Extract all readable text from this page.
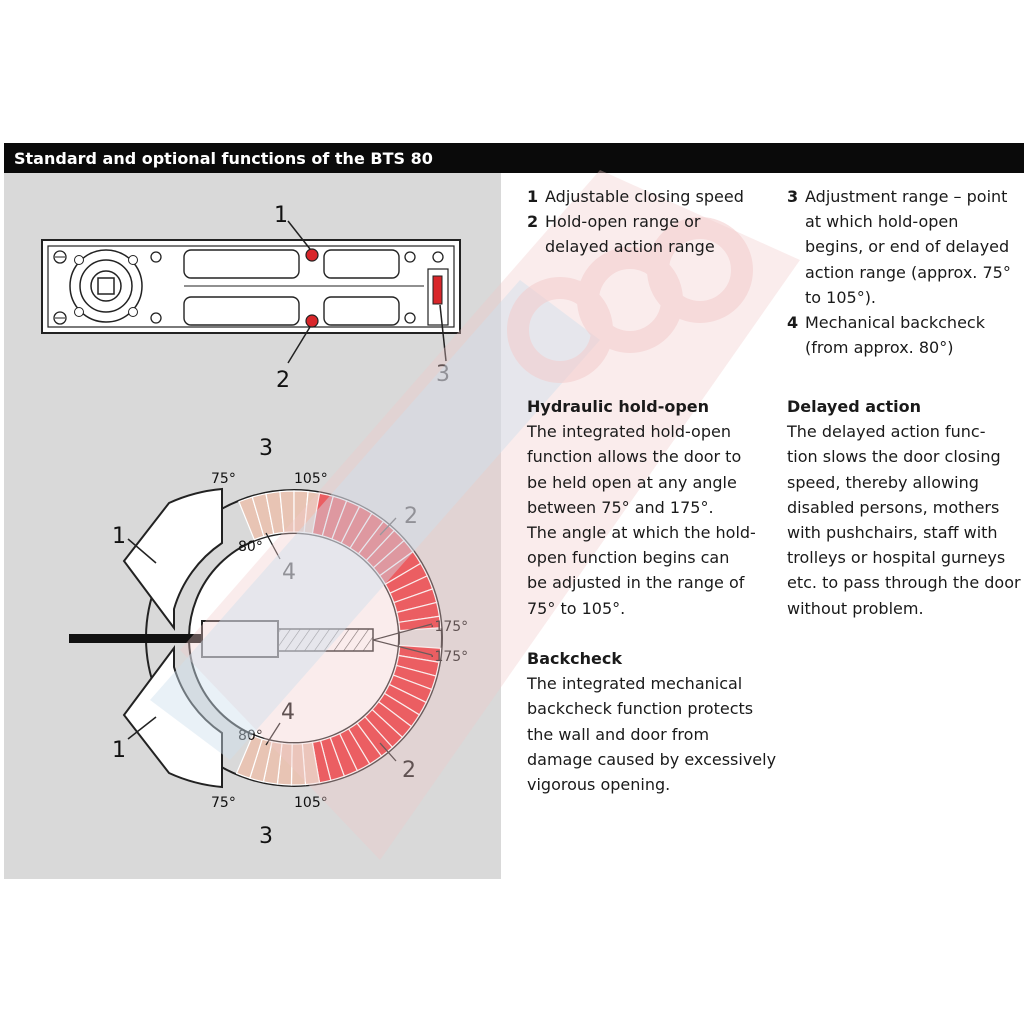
Standard and optional functions of the BTS 80
1
2	3
3
75°	105°
2
1	80°
4
·175°
·175°
4
80°
1
2
75°	105°
3
1 Adjustable closing speed
2 Hold-open range or
delayed action range
3 Adjustment range – point
at which hold-open
begins, or end of delayed
action range (approx. 75°
to 105°).
4 Mechanical backcheck
(from approx. 80°)
Hydraulic hold-open

The integrated hold-open

function allows the door to

be held open at any angle

between 75° and 175°.

The angle at which the hold-

open function begins can

be adjusted in the range of

75° to 105°.

Delayed action

The delayed action func-

tion slows the door closing

speed, thereby allowing

disabled persons, mothers

with pushchairs, staff with

trolleys or hospital gurneys

etc. to pass through the door

without problem.

Backcheck

The integrated mechanical

backcheck function protects

the wall and door from

damage caused by excessively

vigorous opening.
